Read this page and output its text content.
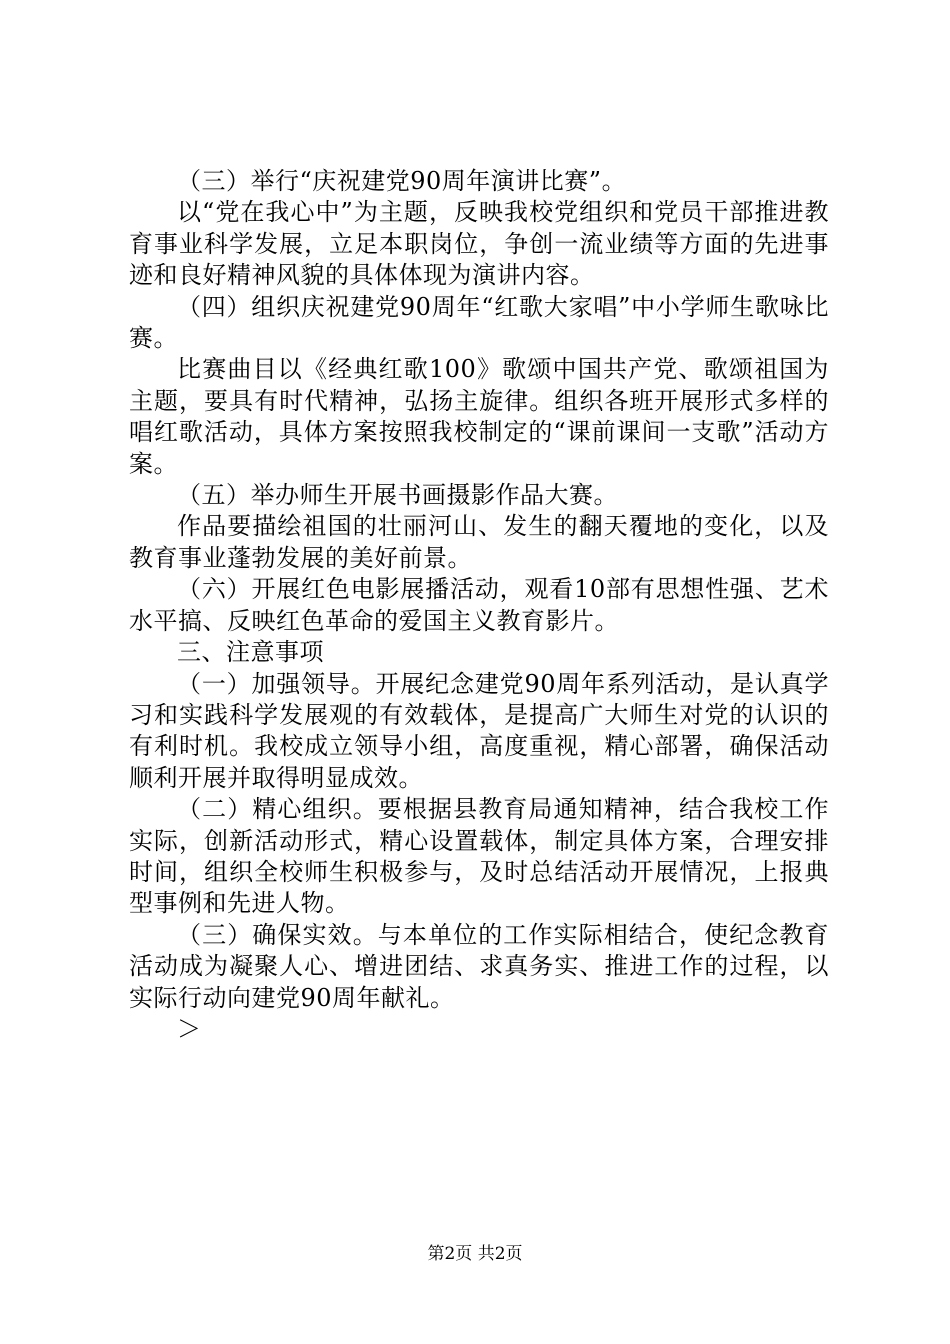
（三）举行“庆祝建党90周年演讲比赛”。

以“党在我心中”为主题，反映我校党组织和党员干部推进教育事业科学发展，立足本职岗位，争创一流业绩等方面的先进事迹和良好精神风貌的具体体现为演讲内容。

（四）组织庆祝建党90周年“红歌大家唱”中小学师生歌咏比赛。

比赛曲目以《经典红歌100》歌颂中国共产党、歌颂祖国为主题，要具有时代精神，弘扬主旋律。组织各班开展形式多样的唱红歌活动，具体方案按照我校制定的“课前课间一支歌”活动方案。

（五）举办师生开展书画摄影作品大赛。

作品要描绘祖国的壮丽河山、发生的翻天覆地的变化，以及教育事业蓬勃发展的美好前景。

（六）开展红色电影展播活动，观看10部有思想性强、艺术水平搞、反映红色革命的爱国主义教育影片。

三、注意事项

（一）加强领导。开展纪念建党90周年系列活动，是认真学习和实践科学发展观的有效载体，是提高广大师生对党的认识的有利时机。我校成立领导小组，高度重视，精心部署，确保活动顺利开展并取得明显成效。

（二）精心组织。要根据县教育局通知精神，结合我校工作实际，创新活动形式，精心设置载体，制定具体方案，合理安排时间，组织全校师生积极参与，及时总结活动开展情况，上报典型事例和先进人物。

（三）确保实效。与本单位的工作实际相结合，使纪念教育活动成为凝聚人心、增进团结、求真务实、推进工作的过程，以实际行动向建党90周年献礼。

＞

第2页 共2页
